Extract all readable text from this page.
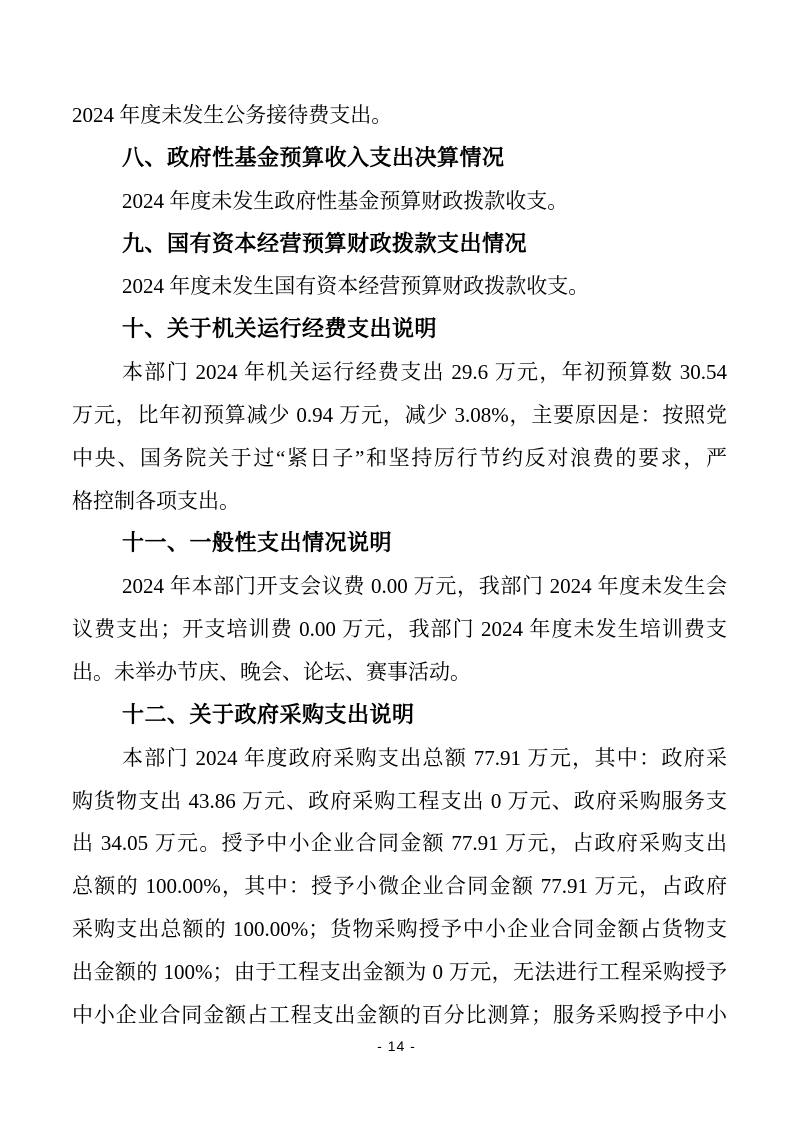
2024 年度未发生公务接待费支出。
八、政府性基金预算收入支出决算情况
2024 年度未发生政府性基金预算财政拨款收支。
九、国有资本经营预算财政拨款支出情况
2024 年度未发生国有资本经营预算财政拨款收支。
十、关于机关运行经费支出说明
本部门 2024 年机关运行经费支出 29.6 万元，年初预算数 30.54
万元，比年初预算减少 0.94 万元，减少 3.08%，主要原因是：按照党
中央、国务院关于过“紧日子”和坚持厉行节约反对浪费的要求，严
格控制各项支出。
十一、一般性支出情况说明
2024 年本部门开支会议费 0.00 万元，我部门 2024 年度未发生会
议费支出；开支培训费 0.00 万元，我部门 2024 年度未发生培训费支
出。未举办节庆、晚会、论坛、赛事活动。
十二、关于政府采购支出说明
本部门 2024 年度政府采购支出总额 77.91 万元，其中：政府采
购货物支出 43.86 万元、政府采购工程支出 0 万元、政府采购服务支
出 34.05 万元。授予中小企业合同金额 77.91 万元，占政府采购支出
总额的 100.00%，其中：授予小微企业合同金额 77.91 万元，占政府
采购支出总额的 100.00%；货物采购授予中小企业合同金额占货物支
出金额的 100%；由于工程支出金额为 0 万元，无法进行工程采购授予
中小企业合同金额占工程支出金额的百分比测算；服务采购授予中小
- 14 -
